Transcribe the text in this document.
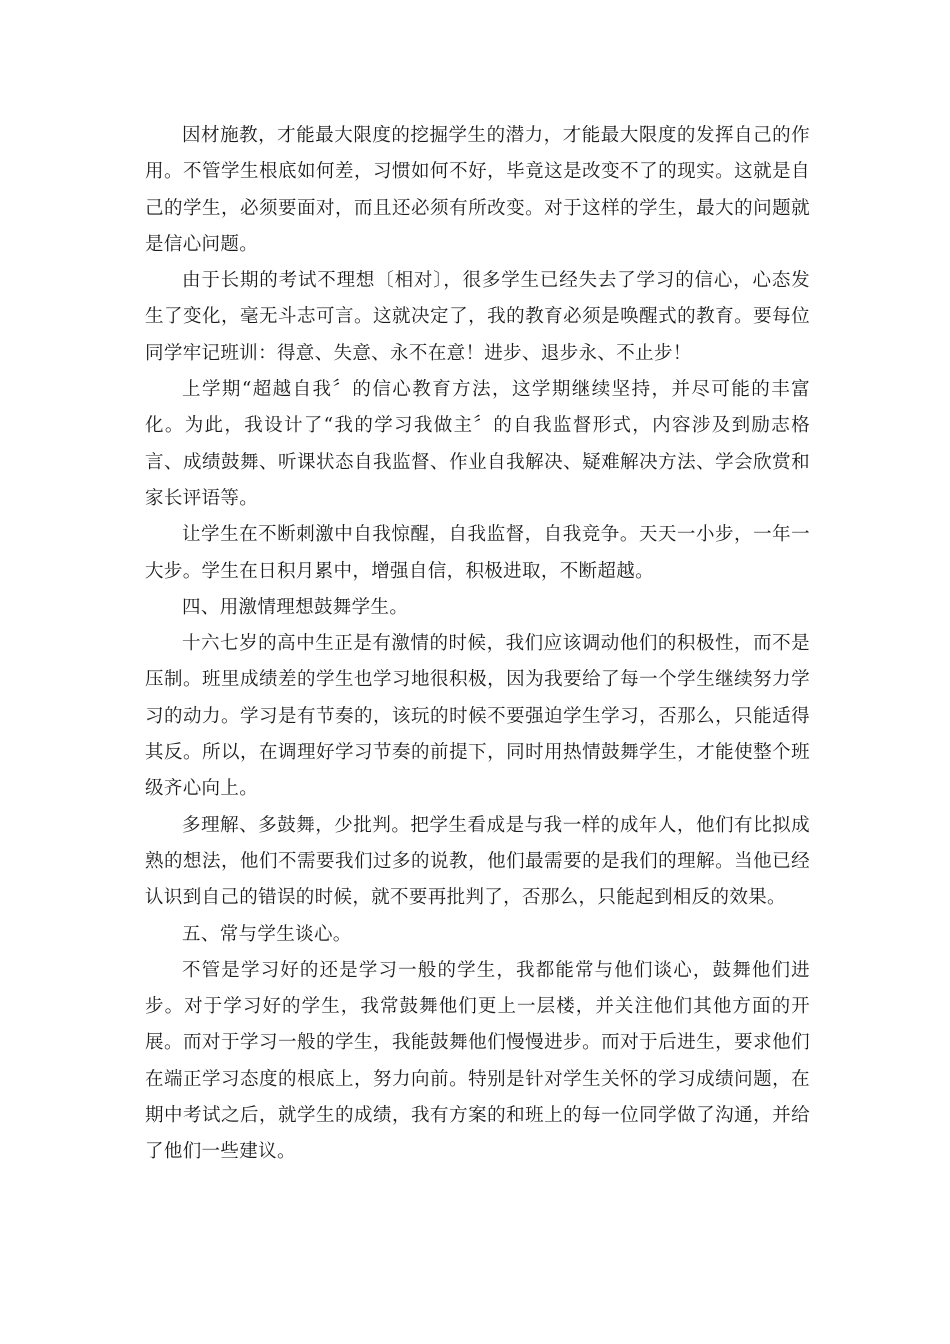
因材施教，才能最大限度的挖掘学生的潜力，才能最大限度的发挥自己的作用。不管学生根底如何差，习惯如何不好，毕竟这是改变不了的现实。这就是自己的学生，必须要面对，而且还必须有所改变。对于这样的学生，最大的问题就是信心问题。

由于长期的考试不理想〔相对〕，很多学生已经失去了学习的信心，心态发生了变化，毫无斗志可言。这就决定了，我的教育必须是唤醒式的教育。要每位同学牢记班训：得意、失意、永不在意！进步、退步永、不止步！

上学期“超越自我〞的信心教育方法，这学期继续坚持，并尽可能的丰富化。为此，我设计了“我的学习我做主〞的自我监督形式，内容涉及到励志格言、成绩鼓舞、听课状态自我监督、作业自我解决、疑难解决方法、学会欣赏和家长评语等。

让学生在不断刺激中自我惊醒，自我监督，自我竞争。天天一小步，一年一大步。学生在日积月累中，增强自信，积极进取，不断超越。

四、用激情理想鼓舞学生。

十六七岁的高中生正是有激情的时候，我们应该调动他们的积极性，而不是压制。班里成绩差的学生也学习地很积极，因为我要给了每一个学生继续努力学习的动力。学习是有节奏的，该玩的时候不要强迫学生学习，否那么，只能适得其反。所以，在调理好学习节奏的前提下，同时用热情鼓舞学生，才能使整个班级齐心向上。

多理解、多鼓舞，少批判。把学生看成是与我一样的成年人，他们有比拟成熟的想法，他们不需要我们过多的说教，他们最需要的是我们的理解。当他已经认识到自己的错误的时候，就不要再批判了，否那么，只能起到相反的效果。

五、常与学生谈心。

不管是学习好的还是学习一般的学生，我都能常与他们谈心，鼓舞他们进步。对于学习好的学生，我常鼓舞他们更上一层楼，并关注他们其他方面的开展。而对于学习一般的学生，我能鼓舞他们慢慢进步。而对于后进生，要求他们在端正学习态度的根底上，努力向前。特别是针对学生关怀的学习成绩问题，在期中考试之后，就学生的成绩，我有方案的和班上的每一位同学做了沟通，并给了他们一些建议。
